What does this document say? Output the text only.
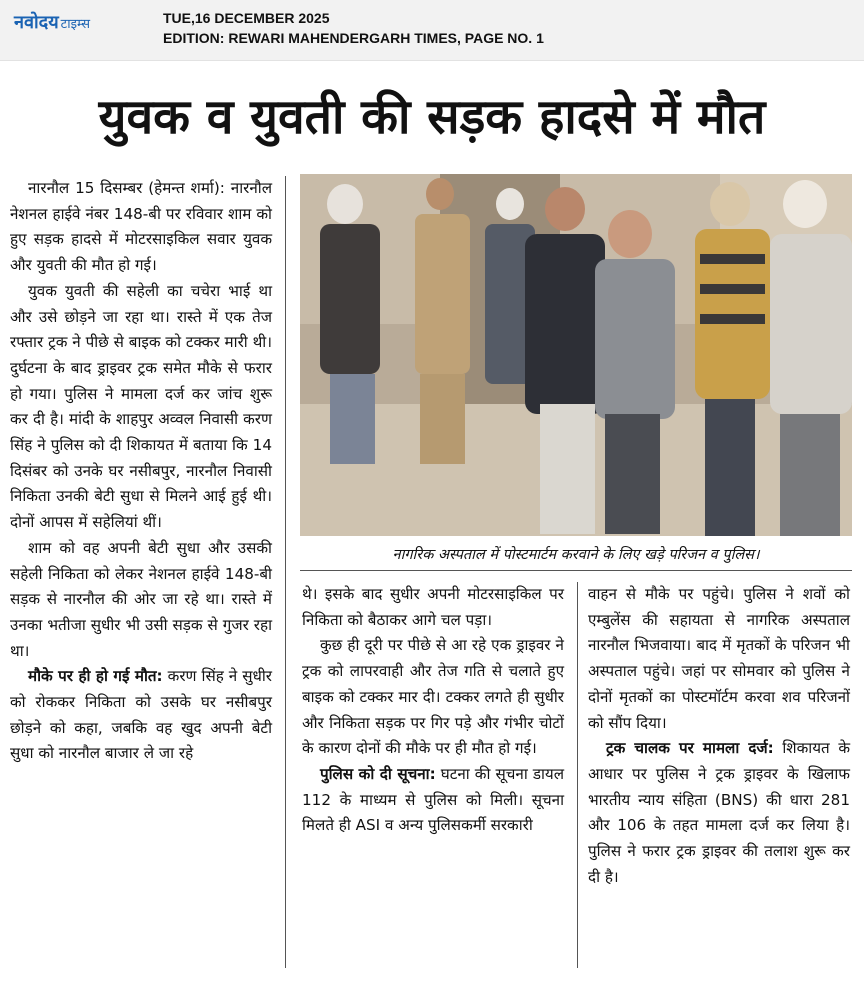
नवोदय टाइम्स	TUE,16 DECEMBER 2025
EDITION: REWARI MAHENDERGARH TIMES, PAGE NO. 1
युवक व युवती की सड़क हादसे में मौत

नारनौल 15 दिसम्बर (हेमन्त शर्मा): नारनौल नेशनल हाईवे नंबर 148-बी पर रविवार शाम को हुए सड़क हादसे में मोटरसाइकिल सवार युवक और युवती की मौत हो गई।

युवक युवती की सहेली का चचेरा भाई था और उसे छोड़ने जा रहा था। रास्ते में एक तेज रफ्तार ट्रक ने पीछे से बाइक को टक्कर मारी थी। दुर्घटना के बाद ड्राइवर ट्रक समेत मौके से फरार हो गया। पुलिस ने मामला दर्ज कर जांच शुरू कर दी है। मांदी के शाहपुर अव्वल निवासी करण सिंह ने पुलिस को दी शिकायत में बताया कि 14 दिसंबर को उनके घर नसीबपुर, नारनौल निवासी निकिता उनकी बेटी सुधा से मिलने आई हुई थी। दोनों आपस में सहेलियां थीं।

शाम को वह अपनी बेटी सुधा और उसकी सहेली निकिता को लेकर नेशनल हाईवे 148-बी सड़क से नारनौल की ओर जा रहे था। रास्ते में उनका भतीजा सुधीर भी उसी सड़क से गुजर रहा था।

मौके पर ही हो गई मौत: करण सिंह ने सुधीर को रोककर निकिता को उसके घर नसीबपुर छोड़ने को कहा, जबकि वह खुद अपनी बेटी सुधा को नारनौल बाजार ले जा रहे

नागरिक अस्पताल में पोस्टमार्टम करवाने के लिए खड़े परिजन व पुलिस।

थे। इसके बाद सुधीर अपनी मोटरसाइकिल पर निकिता को बैठाकर आगे चल पड़ा।

कुछ ही दूरी पर पीछे से आ रहे एक ड्राइवर ने ट्रक को लापरवाही और तेज गति से चलाते हुए बाइक को टक्कर मार दी। टक्कर लगते ही सुधीर और निकिता सड़क पर गिर पड़े और गंभीर चोटों के कारण दोनों की मौके पर ही मौत हो गई।

पुलिस को दी सूचना: घटना की सूचना डायल 112 के माध्यम से पुलिस को मिली। सूचना मिलते ही ASI व अन्य पुलिसकर्मी सरकारी

वाहन से मौके पर पहुंचे। पुलिस ने शवों को एम्बुलेंस की सहायता से नागरिक अस्पताल नारनौल भिजवाया। बाद में मृतकों के परिजन भी अस्पताल पहुंचे। जहां पर सोमवार को पुलिस ने दोनों मृतकों का पोस्टमॉर्टम करवा शव परिजनों को सौंप दिया।

ट्रक चालक पर मामला दर्ज: शिकायत के आधार पर पुलिस ने ट्रक ड्राइवर के खिलाफ भारतीय न्याय संहिता (BNS) की धारा 281 और 106 के तहत मामला दर्ज कर लिया है। पुलिस ने फरार ट्रक ड्राइवर की तलाश शुरू कर दी है।
